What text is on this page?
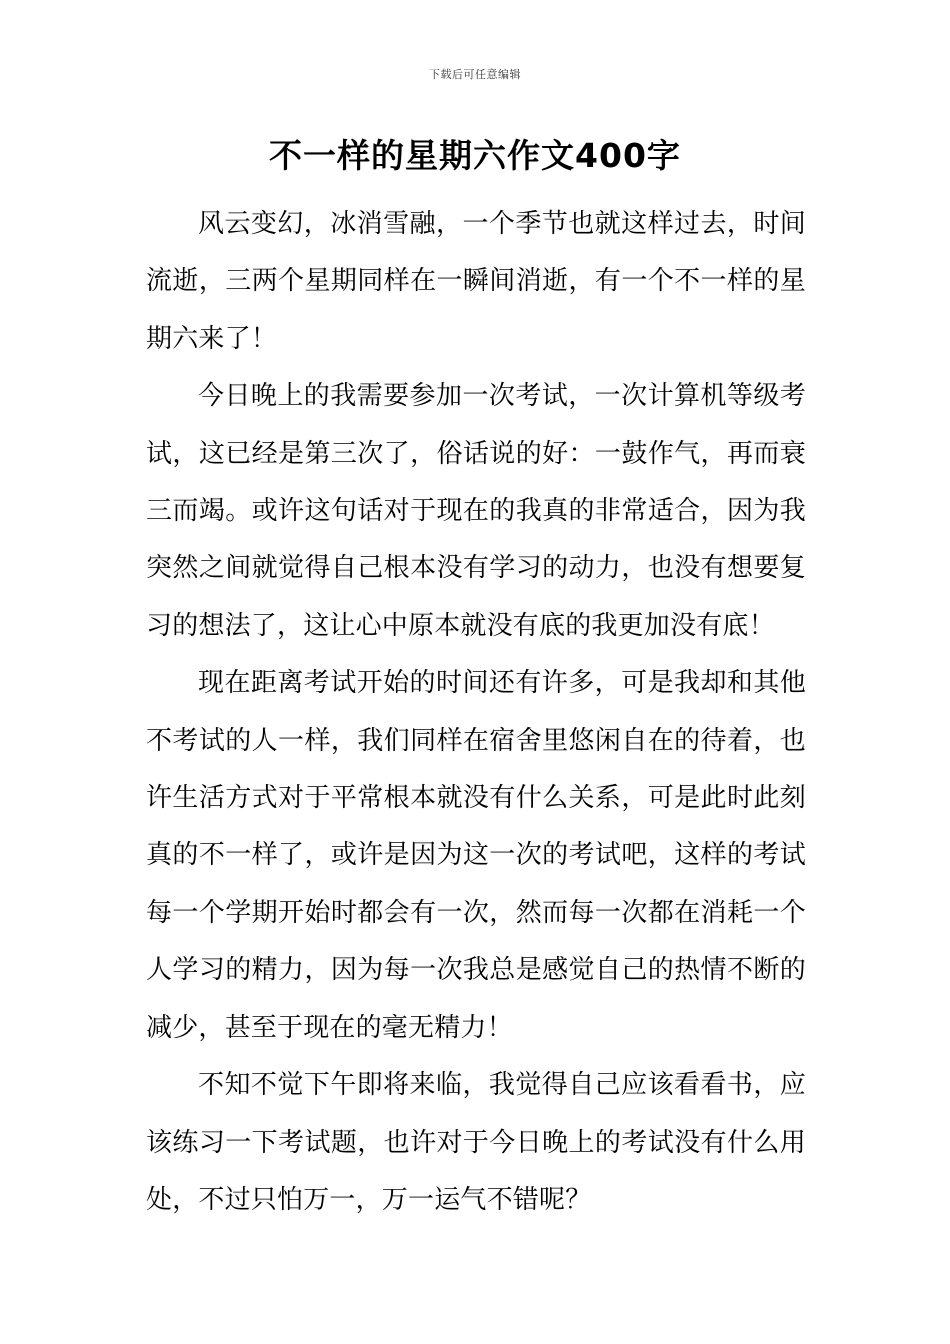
下载后可任意编辑
不一样的星期六作文400字

风云变幻，冰消雪融，一个季节也就这样过去，时间流逝，三两个星期同样在一瞬间消逝，有一个不一样的星期六来了！

今日晚上的我需要参加一次考试，一次计算机等级考试，这已经是第三次了，俗话说的好：一鼓作气，再而衰三而竭。或许这句话对于现在的我真的非常适合，因为我突然之间就觉得自己根本没有学习的动力，也没有想要复习的想法了，这让心中原本就没有底的我更加没有底！

现在距离考试开始的时间还有许多，可是我却和其他不考试的人一样，我们同样在宿舍里悠闲自在的待着，也许生活方式对于平常根本就没有什么关系，可是此时此刻真的不一样了，或许是因为这一次的考试吧，这样的考试每一个学期开始时都会有一次，然而每一次都在消耗一个人学习的精力，因为每一次我总是感觉自己的热情不断的减少，甚至于现在的毫无精力！

不知不觉下午即将来临，我觉得自己应该看看书，应该练习一下考试题，也许对于今日晚上的考试没有什么用处，不过只怕万一，万一运气不错呢？
